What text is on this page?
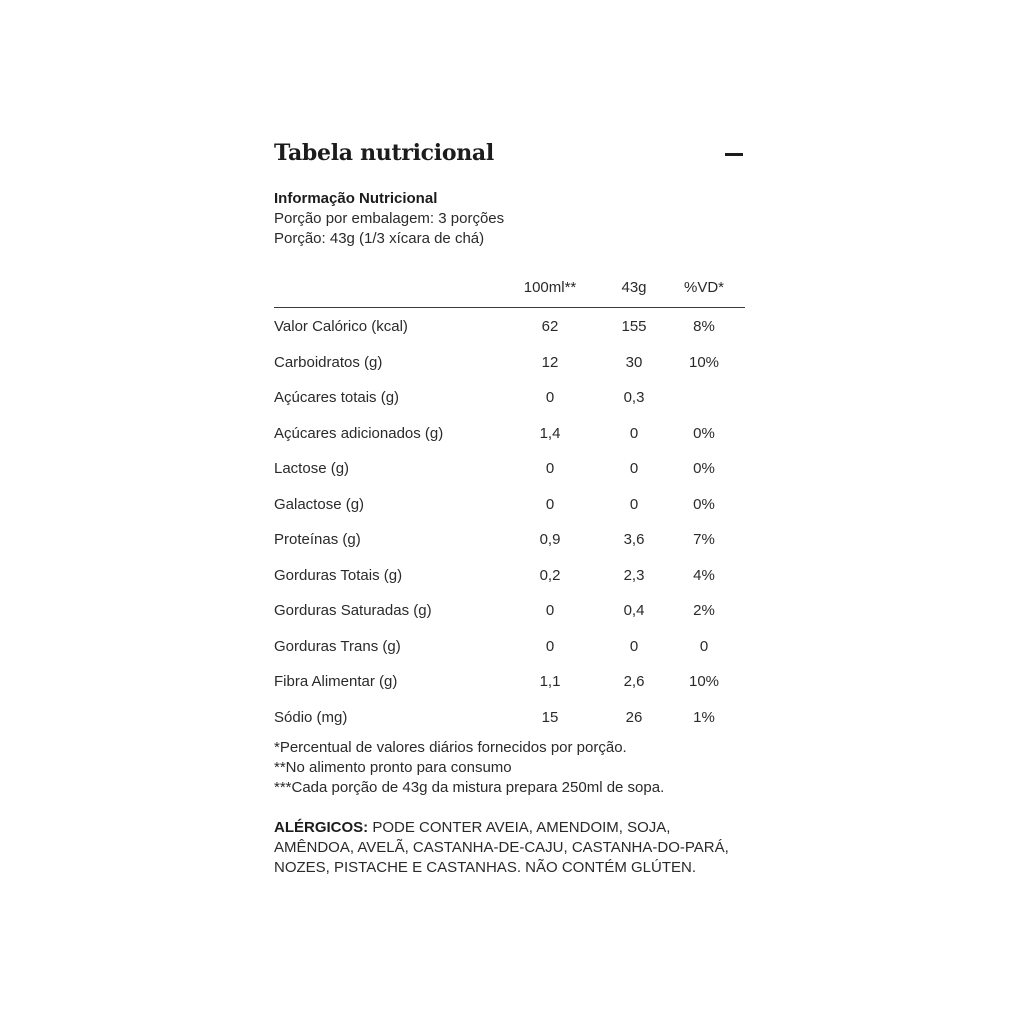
Tabela nutricional
Informação Nutricional
Porção por embalagem: 3 porções
Porção: 43g (1/3 xícara de chá)
100ml**	43g	%VD*
Valor Calórico (kcal)	62	155	8%
Carboidratos (g)	12	30	10%
Açúcares totais (g)	0	0,3
Açúcares adicionados (g)	1,4	0	0%
Lactose (g)	0	0	0%
Galactose (g)	0	0	0%
Proteínas (g)	0,9	3,6	7%
Gorduras Totais (g)	0,2	2,3	4%
Gorduras Saturadas (g)	0	0,4	2%
Gorduras Trans (g)	0	0	0
Fibra Alimentar (g)	1,1	2,6	10%
Sódio (mg)	15	26	1%
*Percentual de valores diários fornecidos por porção.
**No alimento pronto para consumo
***Cada porção de 43g da mistura prepara 250ml de sopa.
ALÉRGICOS: PODE CONTER AVEIA, AMENDOIM, SOJA, AMÊNDOA, AVELÃ, CASTANHA-DE-CAJU, CASTANHA-DO-PARÁ, NOZES, PISTACHE E CASTANHAS. NÃO CONTÉM GLÚTEN.
